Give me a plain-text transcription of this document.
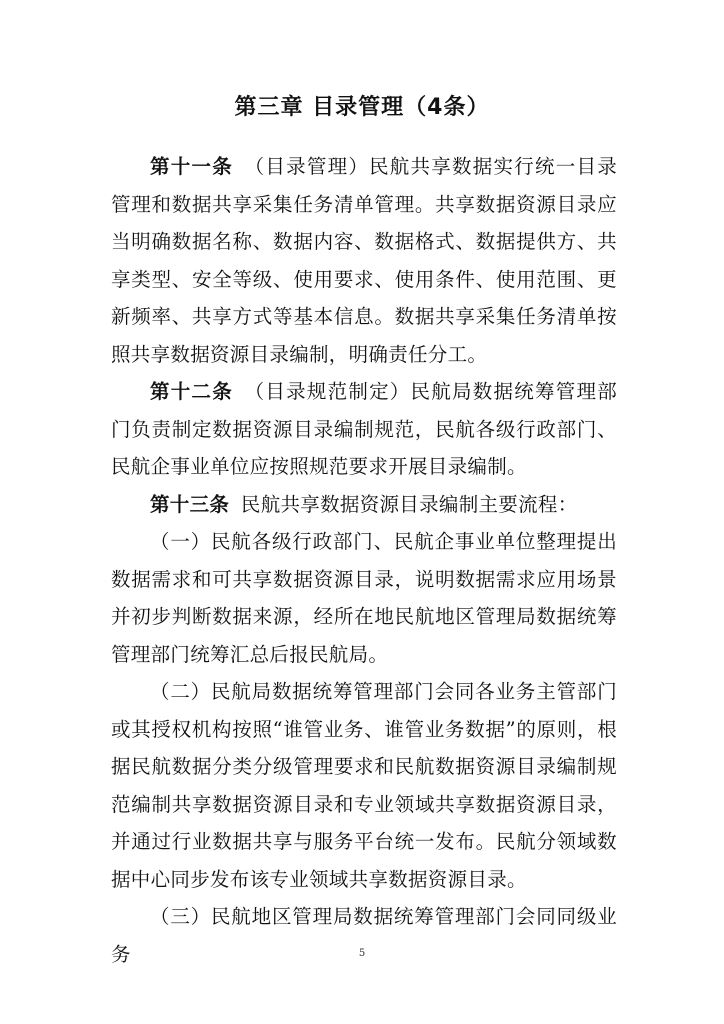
第三章 目录管理（4条）

第十一条 （目录管理）民航共享数据实行统一目录管理和数据共享采集任务清单管理。共享数据资源目录应当明确数据名称、数据内容、数据格式、数据提供方、共享类型、安全等级、使用要求、使用条件、使用范围、更新频率、共享方式等基本信息。数据共享采集任务清单按照共享数据资源目录编制，明确责任分工。

第十二条 （目录规范制定）民航局数据统筹管理部门负责制定数据资源目录编制规范，民航各级行政部门、民航企事业单位应按照规范要求开展目录编制。

第十三条 民航共享数据资源目录编制主要流程：

（一）民航各级行政部门、民航企事业单位整理提出数据需求和可共享数据资源目录，说明数据需求应用场景并初步判断数据来源，经所在地民航地区管理局数据统筹管理部门统筹汇总后报民航局。

（二）民航局数据统筹管理部门会同各业务主管部门或其授权机构按照“谁管业务、谁管业务数据”的原则，根据民航数据分类分级管理要求和民航数据资源目录编制规范编制共享数据资源目录和专业领域共享数据资源目录，并通过行业数据共享与服务平台统一发布。民航分领域数据中心同步发布该专业领域共享数据资源目录。

（三）民航地区管理局数据统筹管理部门会同同级业务	5
